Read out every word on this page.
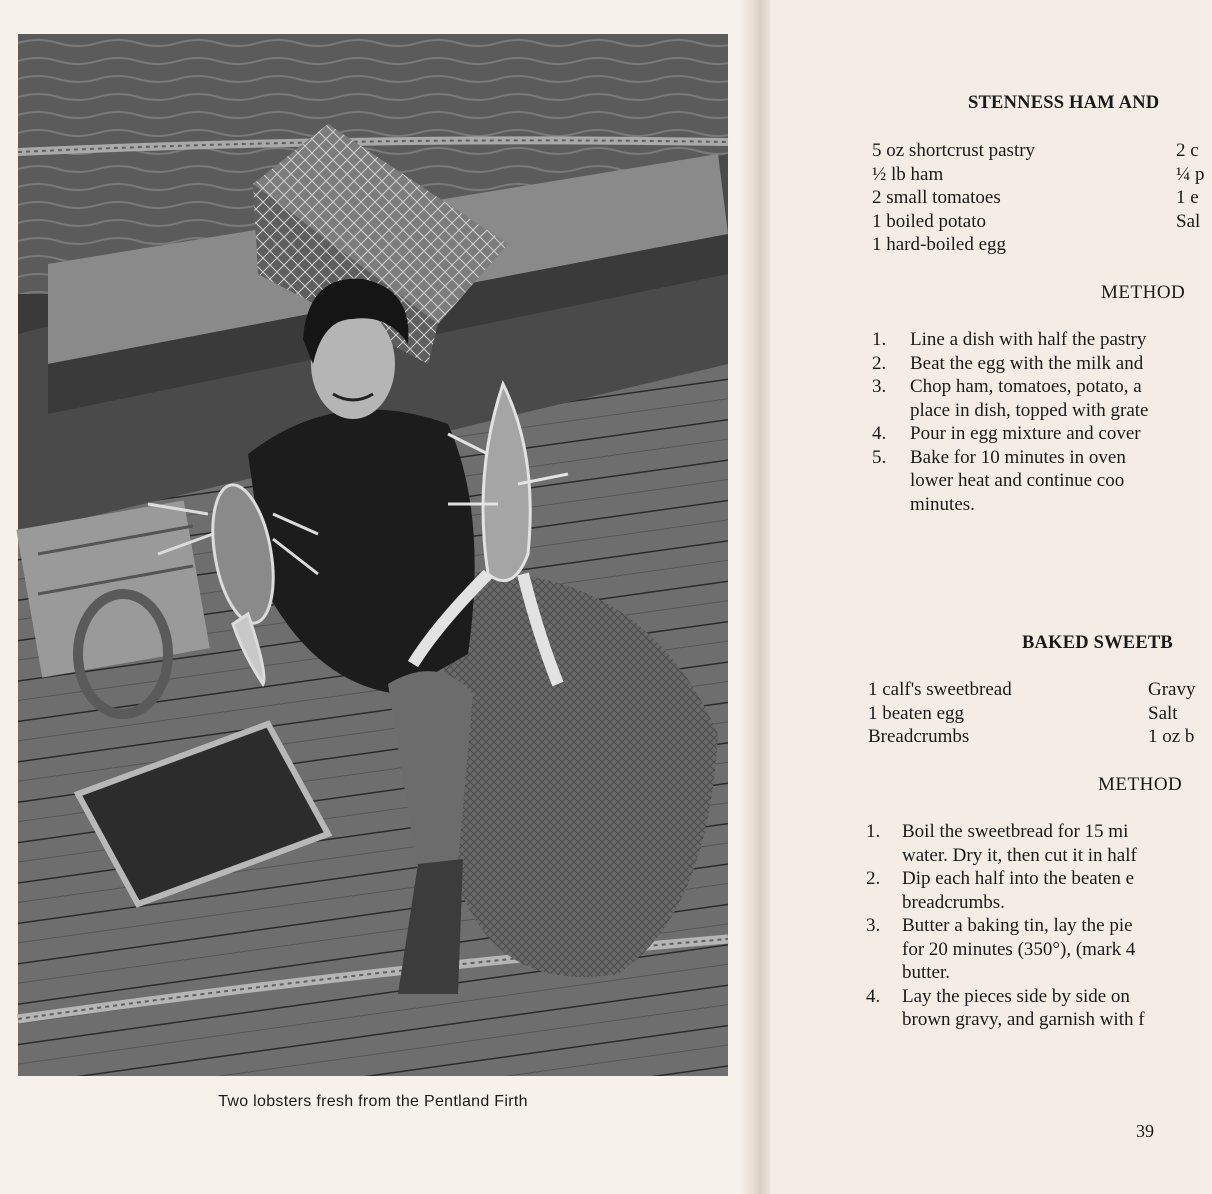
Two lobsters fresh from the Pentland Firth
STENNESS HAM AND
5 oz shortcrust pastry
½ lb ham
2 small tomatoes
1 boiled potato
1 hard-boiled egg
2 c
¼ p
1 e
Sal
METHOD
1. Line a dish with half the pastry
2. Beat the egg with the milk and
3. Chop ham, tomatoes, potato, a
place in dish, topped with grate
4. Pour in egg mixture and cover
5. Bake for 10 minutes in oven
lower heat and continue coo
minutes.
BAKED SWEETB
1 calf's sweetbread
1 beaten egg
Breadcrumbs
Gravy
Salt
1 oz b
METHOD
1. Boil the sweetbread for 15 mi
water. Dry it, then cut it in half
2. Dip each half into the beaten e
breadcrumbs.
3. Butter a baking tin, lay the pie
for 20 minutes (350°), (mark 4
butter.
4. Lay the pieces side by side on
brown gravy, and garnish with f
39
